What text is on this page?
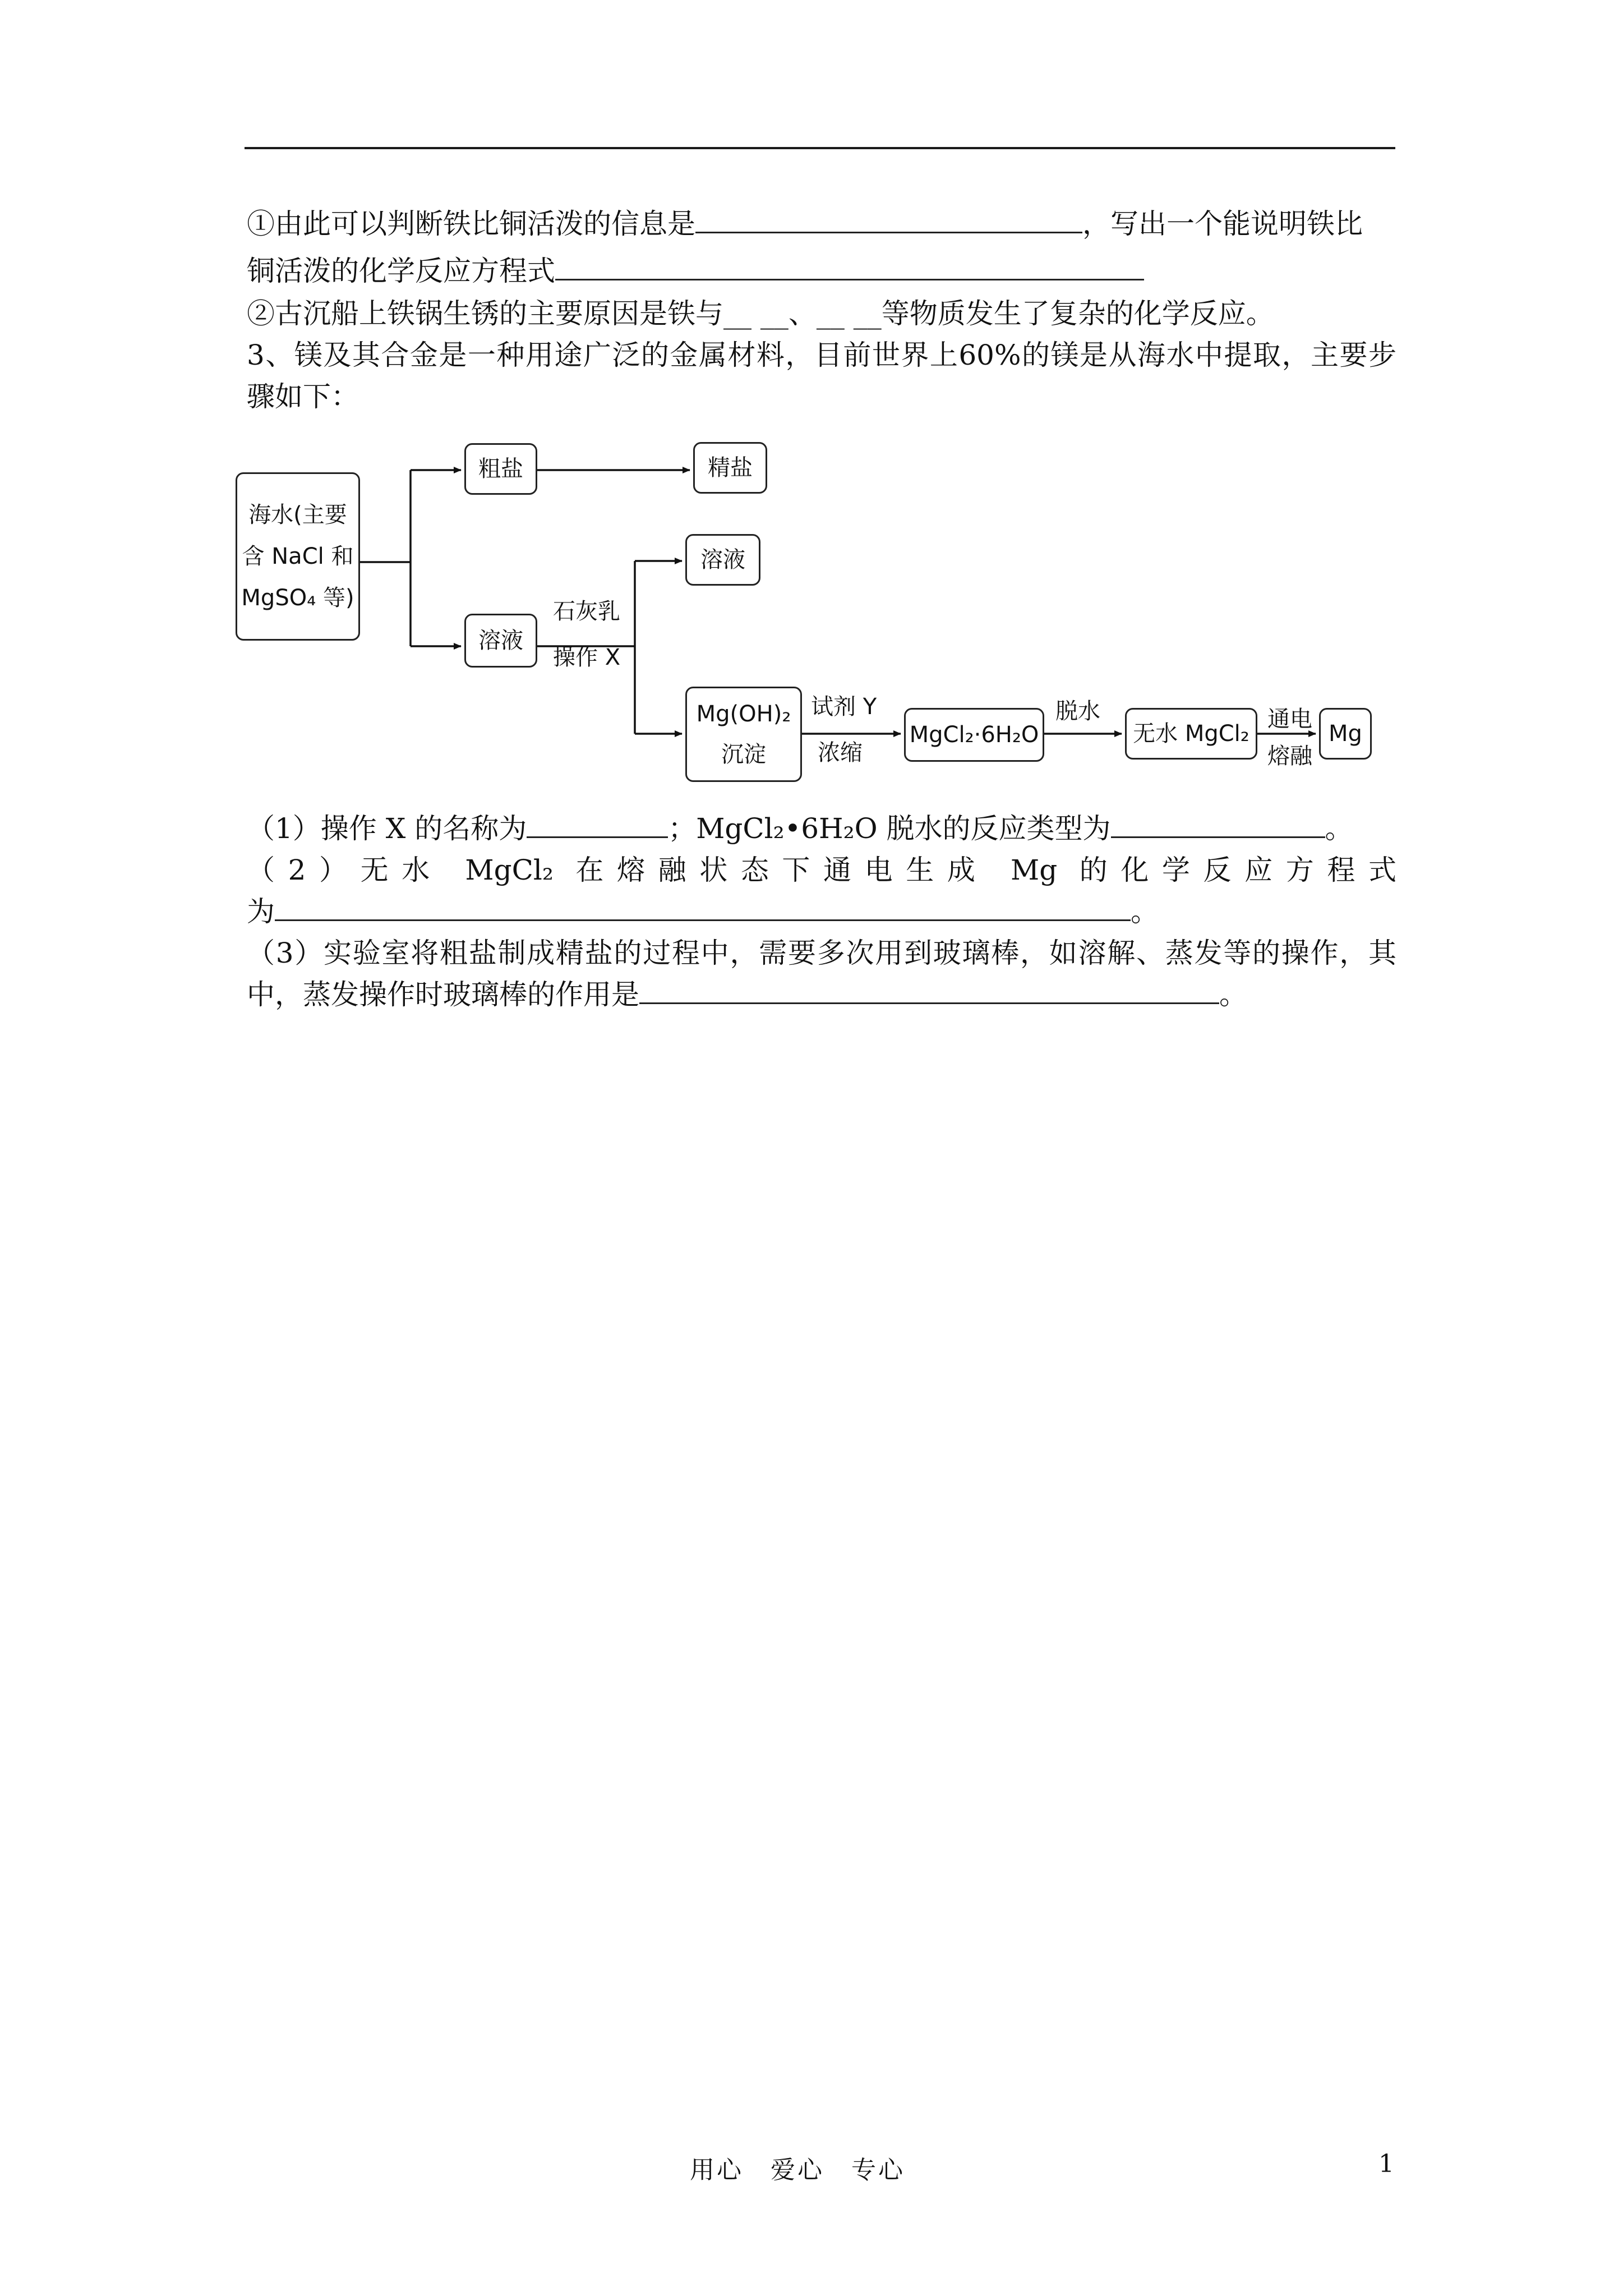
①由此可以判断铁比铜活泼的信息是	，写出一个能说明铁比
铜活泼的化学反应方程式
②古沉船上铁锅生锈的主要原因是铁与__ __、__ __等物质发生了复杂的化学反应。
3、镁及其合金是一种用途广泛的金属材料，目前世界上60%的镁是从海水中提取，主要步
骤如下：
海水(主要
含 NaCl 和
MgSO₄ 等)
粗盐	精盐
溶液
溶液
Mg(OH)₂
沉淀
MgCl₂·6H₂O	无水 MgCl₂	Mg
石灰乳
操作 X
试剂 Y
浓缩
脱水	通电
熔融
（1）操作 X 的名称为	；MgCl₂•6H₂O 脱水的反应类型为	。
（2）无水 MgCl₂ 在熔融状态下通电生成 Mg 的化学反应方程式
为	。
（3）实验室将粗盐制成精盐的过程中，需要多次用到玻璃棒，如溶解、蒸发等的操作，其
中，蒸发操作时玻璃棒的作用是	。
用心　爱心　专心	1
